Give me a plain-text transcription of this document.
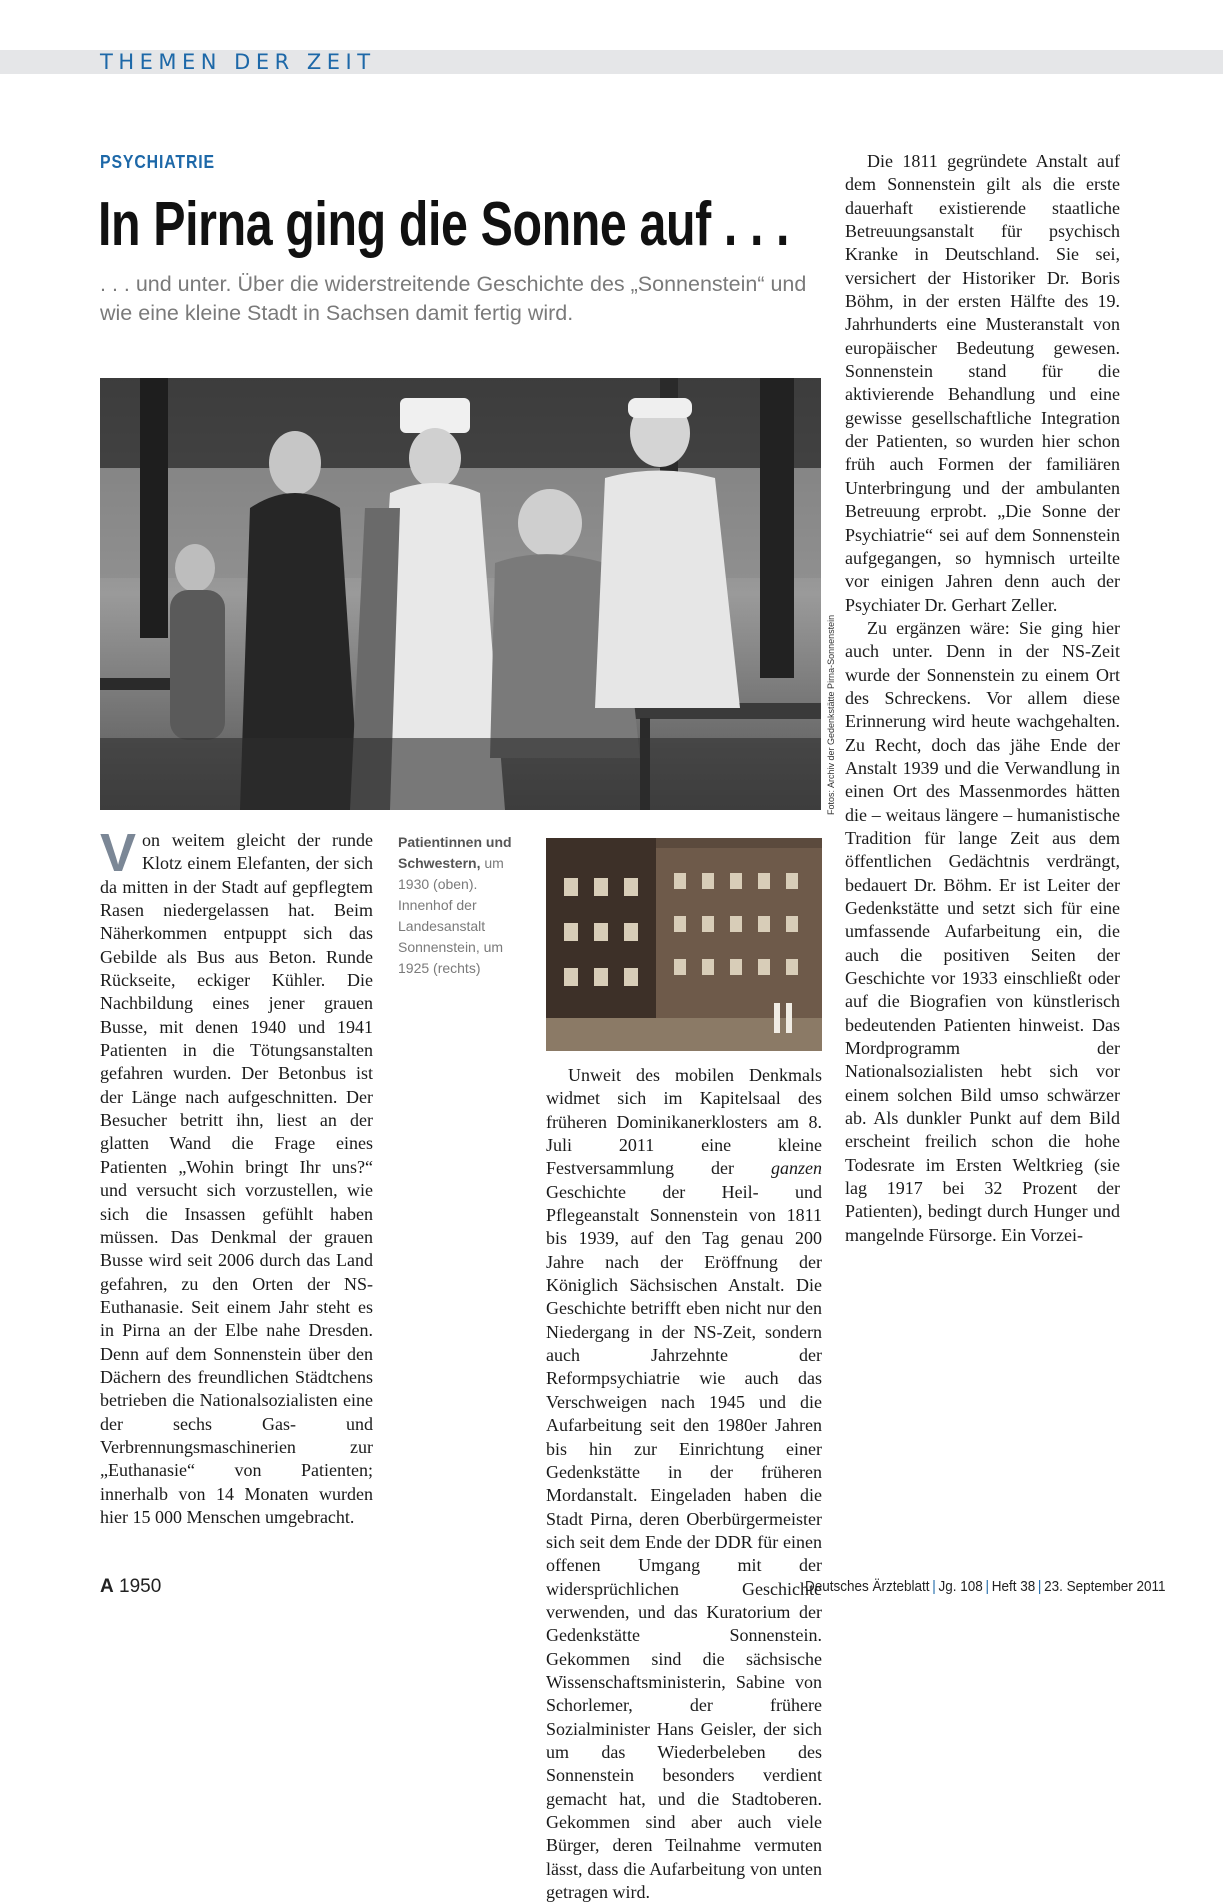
THEMEN DER ZEIT
PSYCHIATRIE
In Pirna ging die Sonne auf . . .
. . . und unter. Über die widerstreitende Geschichte des „Sonnenstein“ und wie eine kleine Stadt in Sachsen damit fertig wird.
Fotos: Archiv der Gedenkstätte Pirna-Sonnenstein
Patientinnen und Schwestern, um 1930 (oben). Innenhof der Landesanstalt Sonnenstein, um 1925 (rechts)

Von weitem gleicht der runde Klotz einem Elefanten, der sich da mitten in der Stadt auf gepflegtem Rasen niedergelassen hat. Beim Näherkommen entpuppt sich das Gebilde als Bus aus Beton. Runde Rückseite, eckiger Kühler. Die Nachbildung eines jener grauen Busse, mit denen 1940 und 1941 Patienten in die Tötungsanstalten gefahren wurden. Der Betonbus ist der Länge nach aufgeschnitten. Der Besucher betritt ihn, liest an der glatten Wand die Frage eines Patienten „Wohin bringt Ihr uns?“ und versucht sich vorzustellen, wie sich die Insassen gefühlt haben müssen. Das Denkmal der grauen Busse wird seit 2006 durch das Land gefahren, zu den Orten der NS-Euthanasie. Seit einem Jahr steht es in Pirna an der Elbe nahe Dresden. Denn auf dem Sonnenstein über den Dächern des freundlichen Städtchens betrieben die Nationalsozialisten eine der sechs Gas- und Verbrennungsmaschinerien zur „Euthanasie“ von Patienten; innerhalb von 14 Monaten wurden hier 15 000 Menschen umgebracht.

Unweit des mobilen Denkmals widmet sich im Kapitelsaal des früheren Dominikanerklosters am 8. Juli 2011 eine kleine Festversammlung der ganzen Geschichte der Heil- und Pflegeanstalt Sonnenstein von 1811 bis 1939, auf den Tag genau 200 Jahre nach der Eröffnung der Königlich Sächsischen Anstalt. Die Geschichte betrifft eben nicht nur den Niedergang in der NS-Zeit, sondern auch Jahrzehnte der Reformpsychiatrie wie auch das Verschweigen nach 1945 und die Aufarbeitung seit den 1980er Jahren bis hin zur Einrichtung einer Gedenkstätte in der früheren Mordanstalt. Eingeladen haben die Stadt Pirna, deren Oberbürgermeister sich seit dem Ende der DDR für einen offenen Umgang mit der widersprüchlichen Geschichte verwenden, und das Kuratorium der Gedenkstätte Sonnenstein. Gekommen sind die sächsische Wissenschaftsministerin, Sabine von Schorlemer, der frühere Sozialminister Hans Geisler, der sich um das Wiederbeleben des Sonnenstein besonders verdient gemacht hat, und die Stadtoberen. Gekommen sind aber auch viele Bürger, deren Teilnahme vermuten lässt, dass die Aufarbeitung von unten getragen wird.

Die 1811 gegründete Anstalt auf dem Sonnenstein gilt als die erste dauerhaft existierende staatliche Betreuungsanstalt für psychisch Kranke in Deutschland. Sie sei, versichert der Historiker Dr. Boris Böhm, in der ersten Hälfte des 19. Jahrhunderts eine Musteranstalt von europäischer Bedeutung gewesen. Sonnenstein stand für die aktivierende Behandlung und eine gewisse gesellschaftliche Integration der Patienten, so wurden hier schon früh auch Formen der familiären Unterbringung und der ambulanten Betreuung erprobt. „Die Sonne der Psychiatrie“ sei auf dem Sonnenstein aufgegangen, so hymnisch urteilte vor einigen Jahren denn auch der Psychiater Dr. Gerhart Zeller.

Zu ergänzen wäre: Sie ging hier auch unter. Denn in der NS-Zeit wurde der Sonnenstein zu einem Ort des Schreckens. Vor allem diese Erinnerung wird heute wachgehalten. Zu Recht, doch das jähe Ende der Anstalt 1939 und die Verwandlung in einen Ort des Massenmordes hätten die – weitaus längere – humanistische Tradition für lange Zeit aus dem öffentlichen Gedächtnis verdrängt, bedauert Dr. Böhm. Er ist Leiter der Gedenkstätte und setzt sich für eine umfassende Aufarbeitung ein, die auch die positiven Seiten der Geschichte vor 1933 einschließt oder auf die Biografien von künstlerisch bedeutenden Patienten hinweist. Das Mordprogramm der Nationalsozialisten hebt sich vor einem solchen Bild umso schwärzer ab. Als dunkler Punkt auf dem Bild erscheint freilich schon die hohe Todesrate im Ersten Weltkrieg (sie lag 1917 bei 32 Prozent der Patienten), bedingt durch Hunger und mangelnde Fürsorge. Ein Vorzei-

A 1950	Deutsches Ärzteblatt | Jg. 108 | Heft 38 | 23. September 2011
